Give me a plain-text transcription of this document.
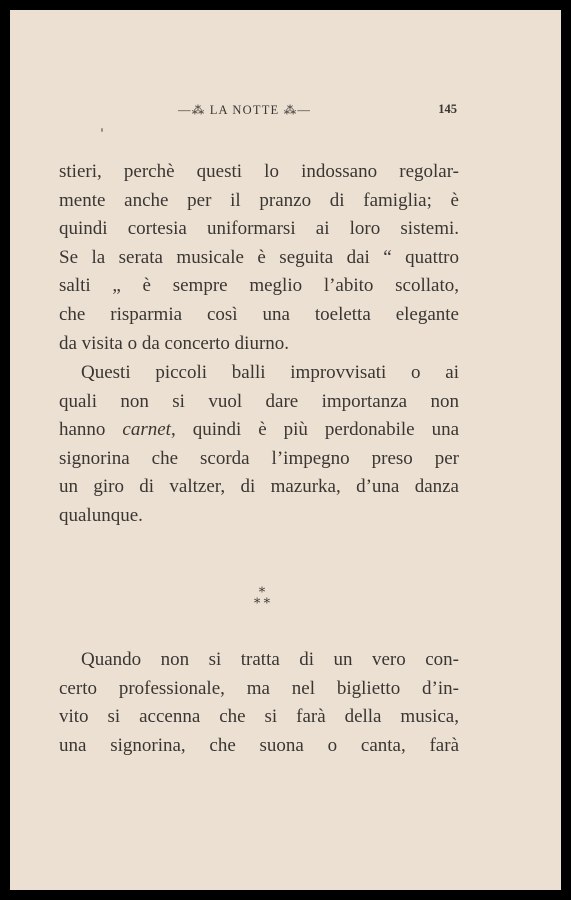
—⁂ LA NOTTE ⁂—	145

stieri, perchè questi lo indossano regolar-
mente anche per il pranzo di famiglia; è
quindi cortesia uniformarsi ai loro sistemi.
Se la serata musicale è seguita dai “ quattro
salti „ è sempre meglio l’abito scollato,
che risparmia così una toeletta elegante
da visita o da concerto diurno.

Questi piccoli balli improvvisati o ai
quali non si vuol dare importanza non
hanno carnet, quindi è più perdonabile una
signorina che scorda l’impegno preso per
un giro di valtzer, di mazurka, d’una danza
qualunque.

⁎
⁎ ⁎

Quando non si tratta di un vero con-
certo professionale, ma nel biglietto d’in-
vito si accenna che si farà della musica,
una signorina, che suona o canta, farà
